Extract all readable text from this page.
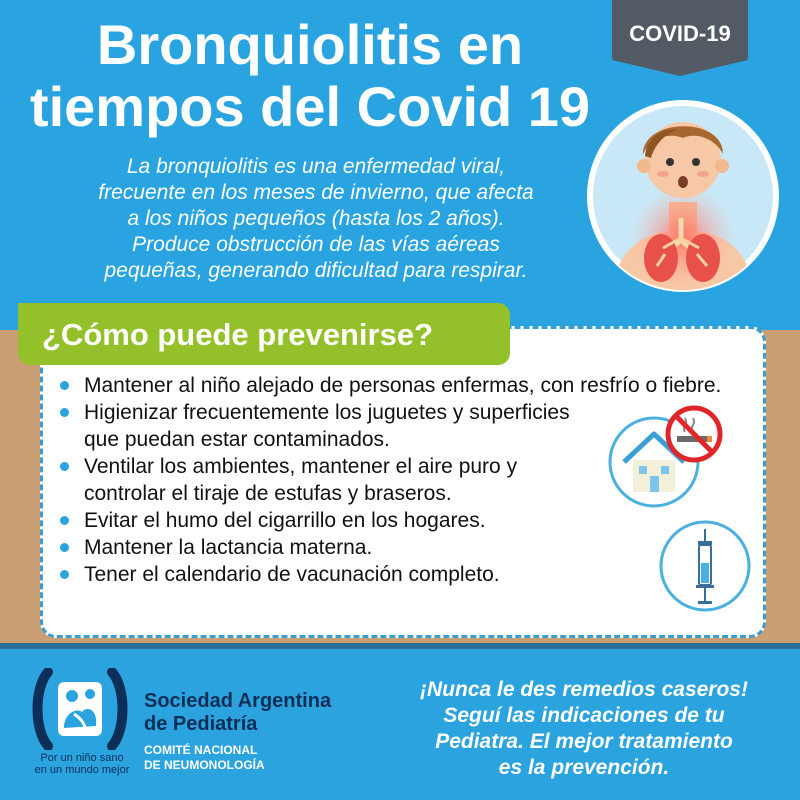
Bronquiolitis en
tiempos del Covid 19
COVID-19
La bronquiolitis es una enfermedad viral,
frecuente en los meses de invierno, que afecta
a los niños pequeños (hasta los 2 años).
Produce obstrucción de las vías aéreas
pequeñas, generando dificultad para respirar.
¿Cómo puede prevenirse?
Mantener al niño alejado de personas enfermas, con resfrío o fiebre.
Higienizar frecuentemente los juguetes y superficies que puedan estar contaminados.
Ventilar los ambientes, mantener el aire puro y controlar el tiraje de estufas y braseros.
Evitar el humo del cigarrillo en los hogares.
Mantener la lactancia materna.
Tener el calendario de vacunación completo.
Por un niño sano
en un mundo mejor
Sociedad Argentina
de Pediatría
COMITÉ NACIONAL
DE NEUMONOLOGÍA
¡Nunca le des remedios caseros!
Seguí las indicaciones de tu
Pediatra. El mejor tratamiento
es la prevención.
